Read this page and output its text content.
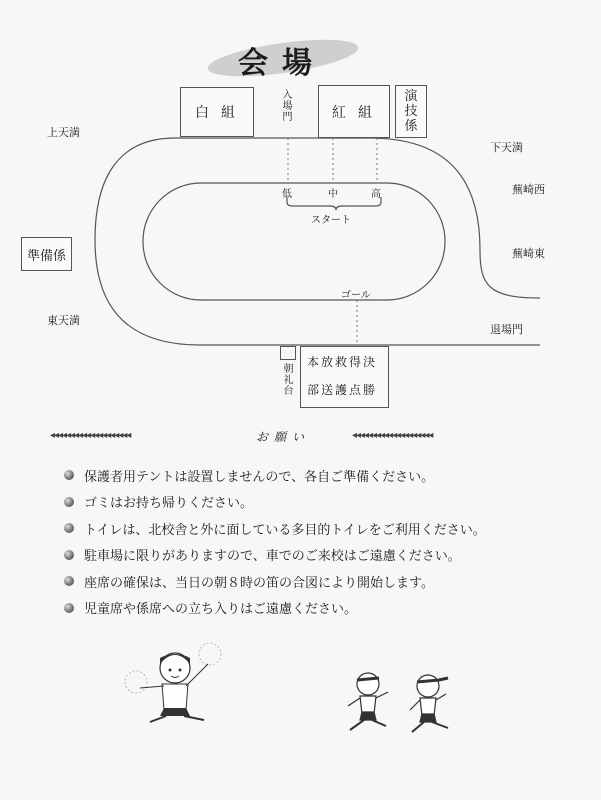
会場
白組	紅組
演技係
準備係
入場門
低	中	高
スタート
ゴール
上天満
東天満
下天満
蕪崎西
蕪崎東
退場門
朝礼台
本放救得決
部送護点勝
◂◂◂◂◂◂◂◂◂◂◂◂◂◂◂◂◂◂◂◂	お願い	◂◂◂◂◂◂◂◂◂◂◂◂◂◂◂◂◂◂◂◂
保護者用テントは設置しませんので、各自ご準備ください。
ゴミはお持ち帰りください。
トイレは、北校舎と外に面している多目的トイレをご利用ください。
駐車場に限りがありますので、車でのご来校はご遠慮ください。
座席の確保は、当日の朝８時の笛の合図により開始します。
児童席や係席への立ち入りはご遠慮ください。
